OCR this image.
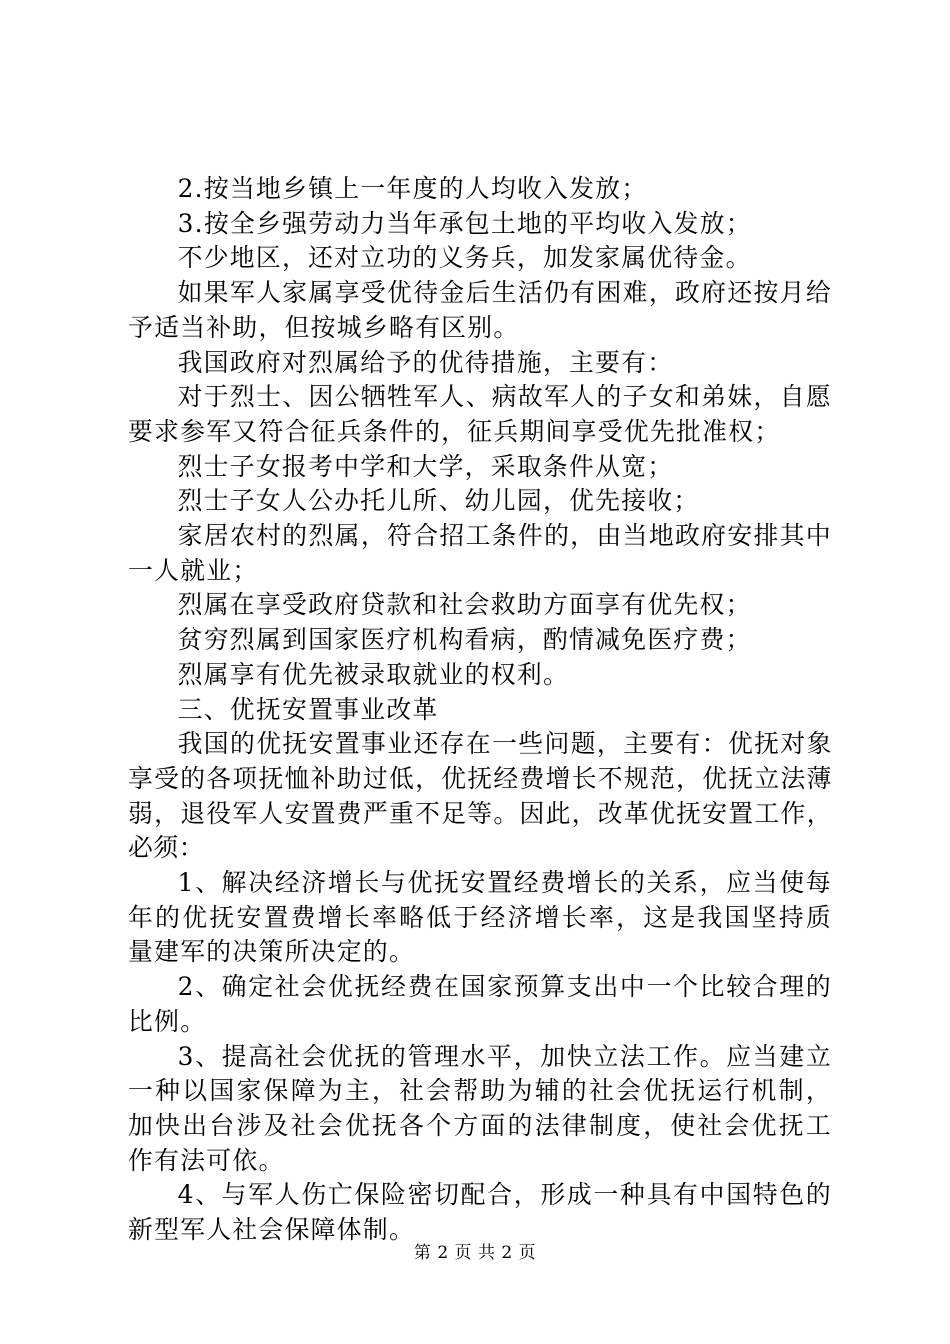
2.按当地乡镇上一年度的人均收入发放；

3.按全乡强劳动力当年承包土地的平均收入发放；

不少地区，还对立功的义务兵，加发家属优待金。

如果军人家属享受优待金后生活仍有困难，政府还按月给予适当补助，但按城乡略有区别。

我国政府对烈属给予的优待措施，主要有：

对于烈士、因公牺牲军人、病故军人的子女和弟妹，自愿要求参军又符合征兵条件的，征兵期间享受优先批准权；

烈士子女报考中学和大学，采取条件从宽；

烈士子女人公办托儿所、幼儿园，优先接收；

家居农村的烈属，符合招工条件的，由当地政府安排其中一人就业；

烈属在享受政府贷款和社会救助方面享有优先权；

贫穷烈属到国家医疗机构看病，酌情减免医疗费；

烈属享有优先被录取就业的权利。

三、优抚安置事业改革

我国的优抚安置事业还存在一些问题，主要有：优抚对象享受的各项抚恤补助过低，优抚经费增长不规范，优抚立法薄弱，退役军人安置费严重不足等。因此，改革优抚安置工作，必须：

1、解决经济增长与优抚安置经费增长的关系，应当使每年的优抚安置费增长率略低于经济增长率，这是我国坚持质量建军的决策所决定的。

2、确定社会优抚经费在国家预算支出中一个比较合理的比例。

3、提高社会优抚的管理水平，加快立法工作。应当建立一种以国家保障为主，社会帮助为辅的社会优抚运行机制，加快出台涉及社会优抚各个方面的法律制度，使社会优抚工作有法可依。

4、与军人伤亡保险密切配合，形成一种具有中国特色的新型军人社会保障体制。

第 2 页 共 2 页
